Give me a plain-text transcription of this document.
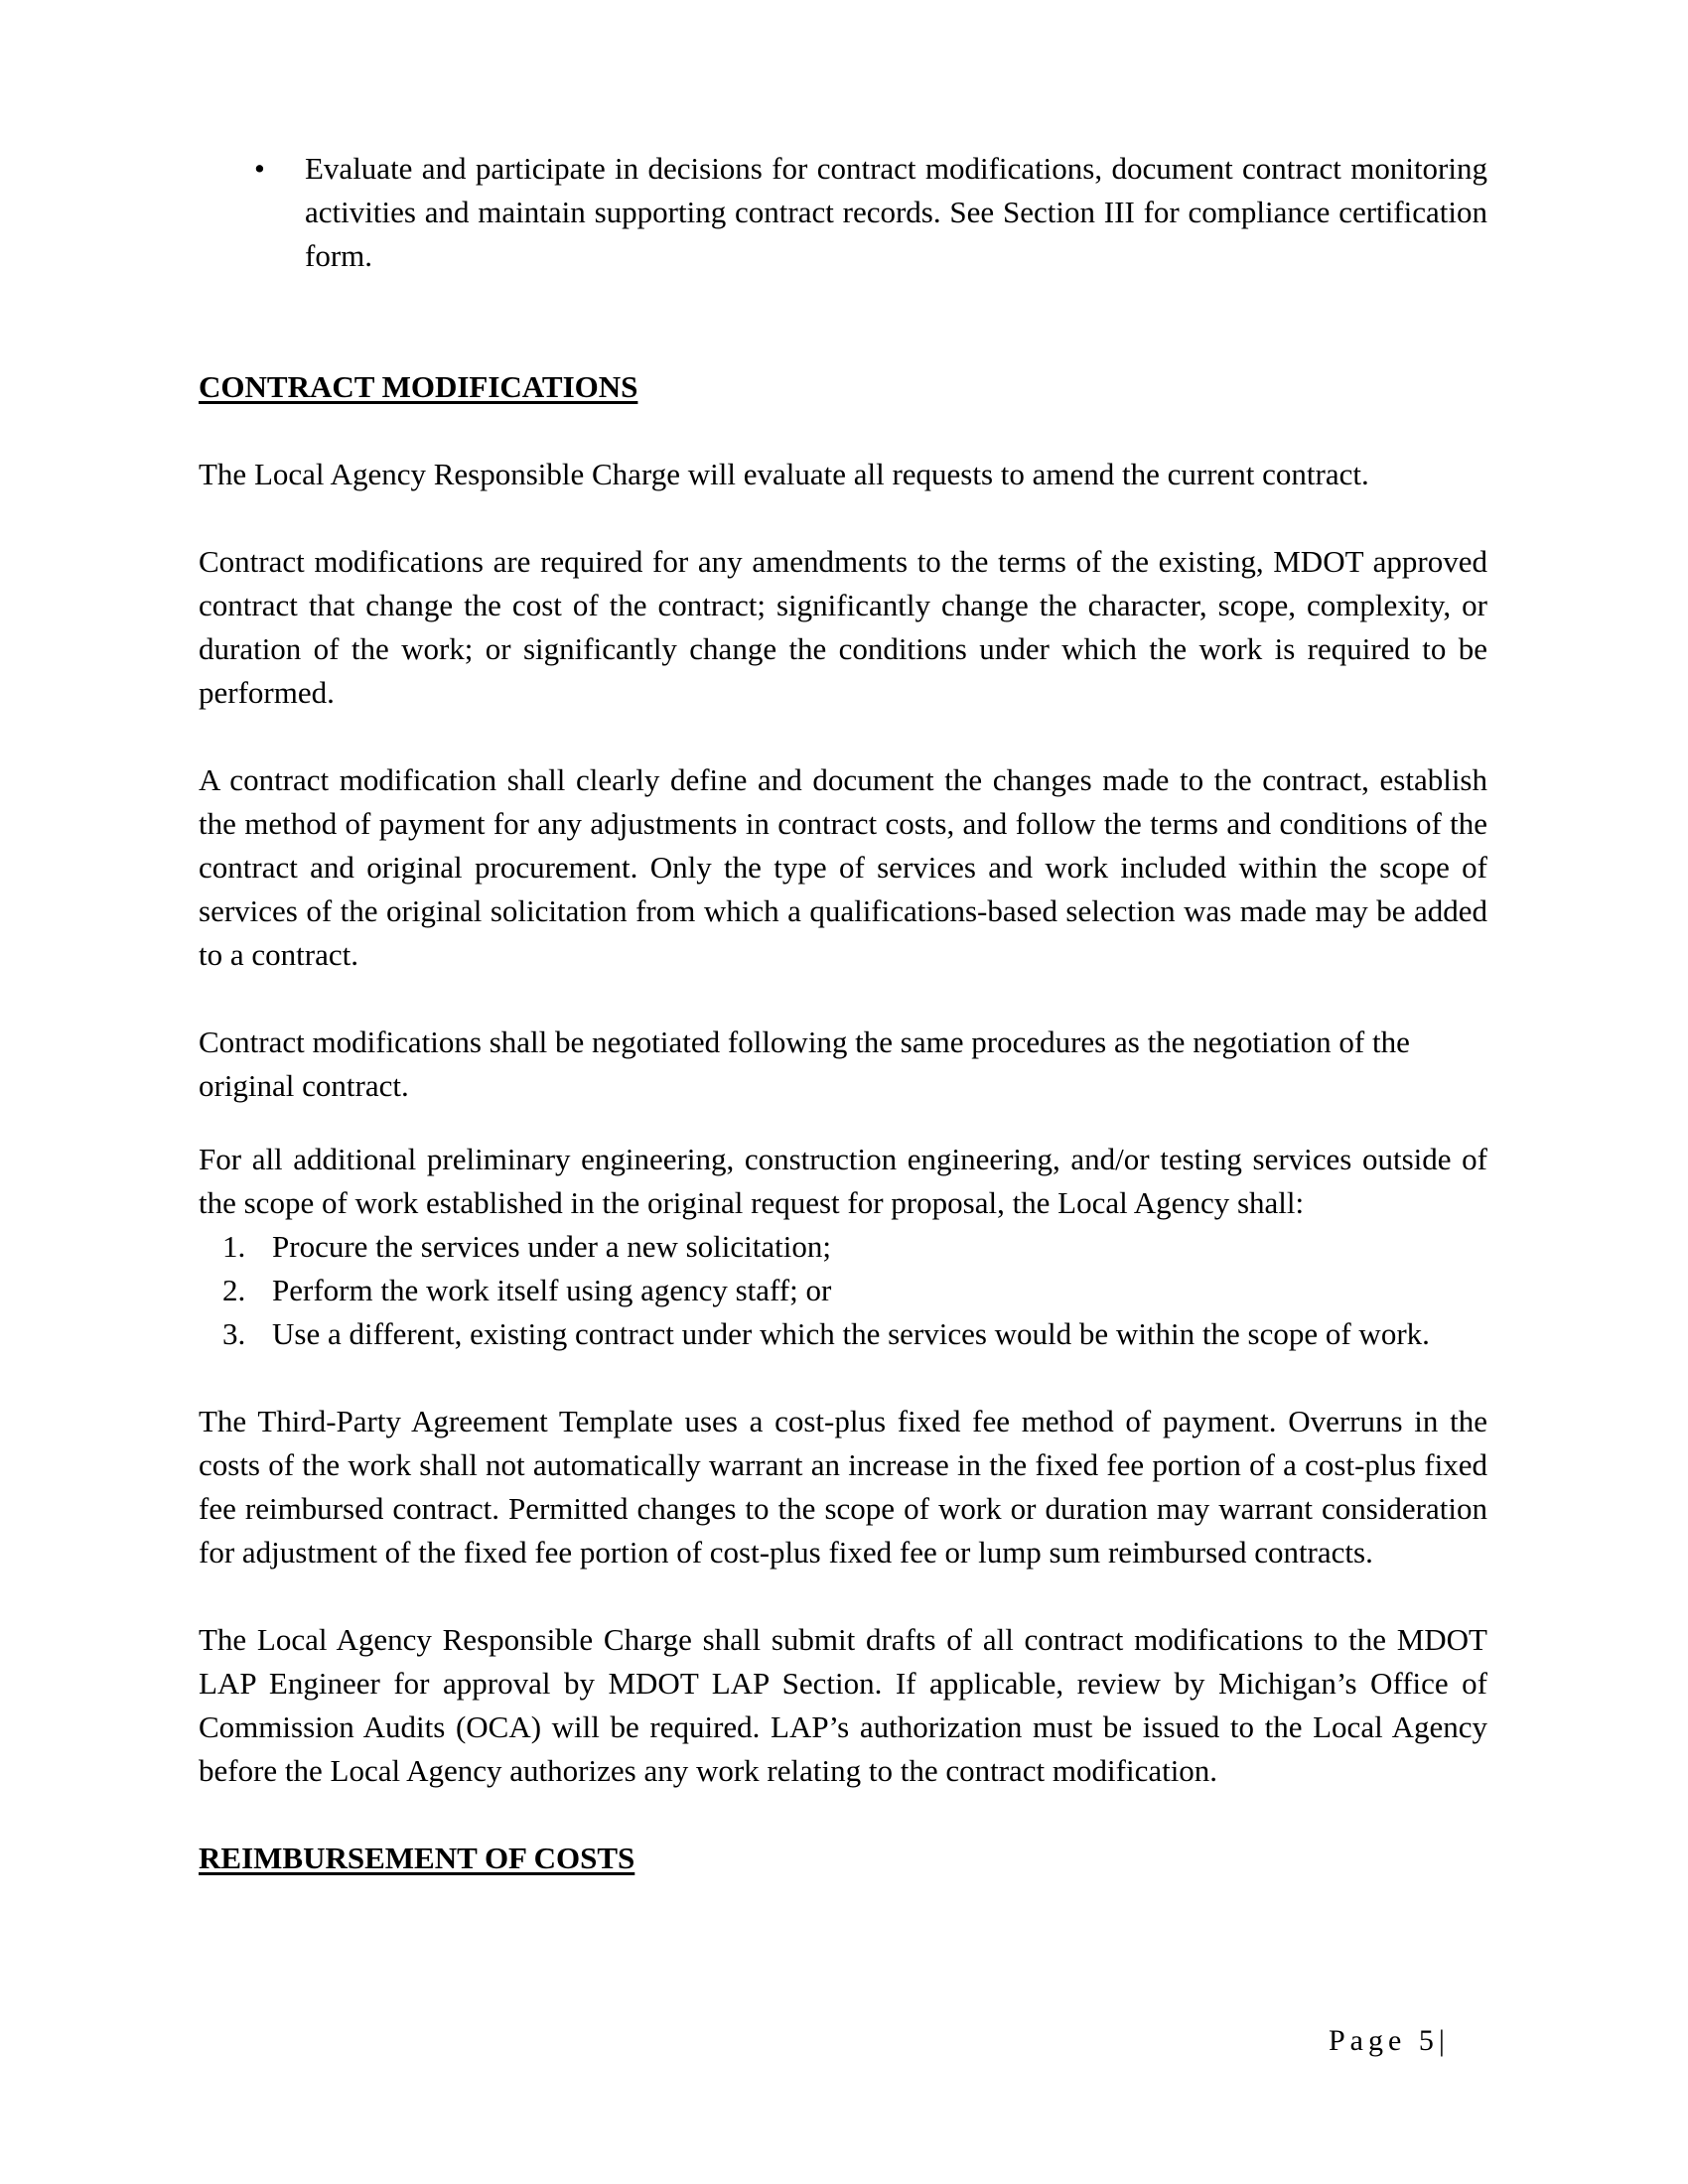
• Evaluate and participate in decisions for contract modifications, document contract monitoring activities and maintain supporting contract records. See Section III for compliance certification form.
CONTRACT MODIFICATIONS

The Local Agency Responsible Charge will evaluate all requests to amend the current contract.

Contract modifications are required for any amendments to the terms of the existing, MDOT approved contract that change the cost of the contract; significantly change the character, scope, complexity, or duration of the work; or significantly change the conditions under which the work is required to be performed.

A contract modification shall clearly define and document the changes made to the contract, establish the method of payment for any adjustments in contract costs, and follow the terms and conditions of the contract and original procurement. Only the type of services and work included within the scope of services of the original solicitation from which a qualifications-based selection was made may be added to a contract.

Contract modifications shall be negotiated following the same procedures as the negotiation of the original contract.

For all additional preliminary engineering, construction engineering, and/or testing services outside of the scope of work established in the original request for proposal, the Local Agency shall:

1. Procure the services under a new solicitation;
2. Perform the work itself using agency staff; or
3. Use a different, existing contract under which the services would be within the scope of work.

The Third-Party Agreement Template uses a cost-plus fixed fee method of payment. Overruns in the costs of the work shall not automatically warrant an increase in the fixed fee portion of a cost-plus fixed fee reimbursed contract. Permitted changes to the scope of work or duration may warrant consideration for adjustment of the fixed fee portion of cost-plus fixed fee or lump sum reimbursed contracts.

The Local Agency Responsible Charge shall submit drafts of all contract modifications to the MDOT LAP Engineer for approval by MDOT LAP Section. If applicable, review by Michigan’s Office of Commission Audits (OCA) will be required. LAP’s authorization must be issued to the Local Agency before the Local Agency authorizes any work relating to the contract modification.

REIMBURSEMENT OF COSTS
Page 5|
